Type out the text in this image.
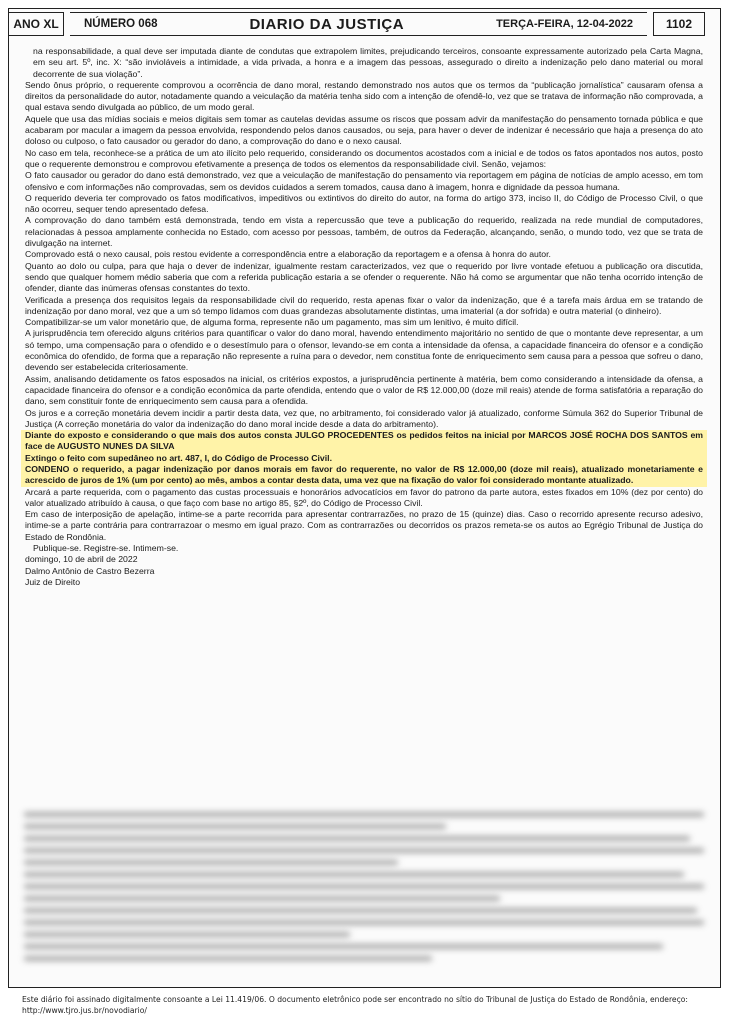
ANO XL NÚMERO 068	DIARIO DA JUSTIÇA	TERÇA-FEIRA, 12-04-2022	1102

na responsabilidade, a qual deve ser imputada diante de condutas que extrapolem limites, prejudicando terceiros, consoante expressamente autorizado pela Carta Magna, em seu art. 5º, inc. X: “são invioláveis a intimidade, a vida privada, a honra e a imagem das pessoas, assegurado o direito a indenização pelo dano material ou moral decorrente de sua violação”.

Sendo ônus próprio, o requerente comprovou a ocorrência de dano moral, restando demonstrado nos autos que os termos da “publicação jornalística” causaram ofensa a direitos da personalidade do autor, notadamente quando a veiculação da matéria tenha sido com a intenção de ofendê-lo, vez que se tratava de informação não comprovada, a qual estava sendo divulgada ao público, de um modo geral.

Aquele que usa das mídias sociais e meios digitais sem tomar as cautelas devidas assume os riscos que possam advir da manifestação do pensamento tornada pública e que acabaram por macular a imagem da pessoa envolvida, respondendo pelos danos causados, ou seja, para haver o dever de indenizar é necessário que haja a presença do ato doloso ou culposo, o fato causador ou gerador do dano, a comprovação do dano e o nexo causal.

No caso em tela, reconhece-se a prática de um ato ilícito pelo requerido, considerando os documentos acostados com a inicial e de todos os fatos apontados nos autos, posto que o requerente demonstrou e comprovou efetivamente a presença de todos os elementos da responsabilidade civil. Senão, vejamos:

O fato causador ou gerador do dano está demonstrado, vez que a veiculação de manifestação do pensamento via reportagem em página de notícias de amplo acesso, em tom ofensivo e com informações não comprovadas, sem os devidos cuidados a serem tomados, causa dano à imagem, honra e dignidade da pessoa humana.

O requerido deveria ter comprovado os fatos modificativos, impeditivos ou extintivos do direito do autor, na forma do artigo 373, inciso II, do Código de Processo Civil, o que não ocorreu, sequer tendo apresentado defesa.

A comprovação do dano também está demonstrada, tendo em vista a repercussão que teve a publicação do requerido, realizada na rede mundial de computadores, relacionadas à pessoa amplamente conhecida no Estado, com acesso por pessoas, também, de outros da Federação, alcançando, senão, o mundo todo, vez que se trata de divulgação na internet.

Comprovado está o nexo causal, pois restou evidente a correspondência entre a elaboração da reportagem e a ofensa à honra do autor.

Quanto ao dolo ou culpa, para que haja o dever de indenizar, igualmente restam caracterizados, vez que o requerido por livre vontade efetuou a publicação ora discutida, sendo que qualquer homem médio saberia que com a referida publicação estaria a se ofender o requerente. Não há como se argumentar que não tenha ocorrido intenção de ofender, diante das inúmeras ofensas constantes do texto.

Verificada a presença dos requisitos legais da responsabilidade civil do requerido, resta apenas fixar o valor da indenização, que é a tarefa mais árdua em se tratando de indenização por dano moral, vez que a um só tempo lidamos com duas grandezas absolutamente distintas, uma imaterial (a dor sofrida) e outra material (o dinheiro).

Compatibilizar-se um valor monetário que, de alguma forma, represente não um pagamento, mas sim um lenitivo, é muito difícil.

A jurisprudência tem oferecido alguns critérios para quantificar o valor do dano moral, havendo entendimento majoritário no sentido de que o montante deve representar, a um só tempo, uma compensação para o ofendido e o desestímulo para o ofensor, levando-se em conta a intensidade da ofensa, a capacidade financeira do ofensor e a condição econômica do ofendido, de forma que a reparação não represente a ruína para o devedor, nem constitua fonte de enriquecimento sem causa para a pessoa que sofreu o dano, devendo ser estabelecida criteriosamente.

Assim, analisando detidamente os fatos esposados na inicial, os critérios expostos, a jurisprudência pertinente à matéria, bem como considerando a intensidade da ofensa, a capacidade financeira do ofensor e a condição econômica da parte ofendida, entendo que o valor de R$ 12.000,00 (doze mil reais) atende de forma satisfatória a reparação do dano, sem constituir fonte de enriquecimento sem causa para a ofendida.

Os juros e a correção monetária devem incidir a partir desta data, vez que, no arbitramento, foi considerado valor já atualizado, conforme Súmula 362 do Superior Tribunal de Justiça (A correção monetária do valor da indenização do dano moral incide desde a data do arbitramento).

Diante do exposto e considerando o que mais dos autos consta JULGO PROCEDENTES os pedidos feitos na inicial por MARCOS JOSÉ ROCHA DOS SANTOS em face de AUGUSTO NUNES DA SILVA

Extingo o feito com supedâneo no art. 487, I, do Código de Processo Civil.

CONDENO o requerido, a pagar indenização por danos morais em favor do requerente, no valor de R$ 12.000,00 (doze mil reais), atualizado monetariamente e acrescido de juros de 1% (um por cento) ao mês, ambos a contar desta data, uma vez que na fixação do valor foi considerado montante atualizado.

Arcará a parte requerida, com o pagamento das custas processuais e honorários advocatícios em favor do patrono da parte autora, estes fixados em 10% (dez por cento) do valor atualizado atribuído à causa, o que faço com base no artigo 85, §2º, do Código de Processo Civil.

Em caso de interposição de apelação, intime-se a parte recorrida para apresentar contrarrazões, no prazo de 15 (quinze) dias. Caso o recorrido apresente recurso adesivo, intime-se a parte contrária para contrarrazoar o mesmo em igual prazo. Com as contrarrazões ou decorridos os prazos remeta-se os autos ao Egrégio Tribunal de Justiça do Estado de Rondônia.

Publique-se. Registre-se. Intimem-se.

domingo, 10 de abril de 2022

Dalmo Antônio de Castro Bezerra

Juiz de Direito

Este diário foi assinado digitalmente consoante a Lei 11.419/06. O documento eletrônico pode ser encontrado no sítio do Tribunal de Justiça do Estado de Rondônia, endereço: http://www.tjro.jus.br/novodiario/
